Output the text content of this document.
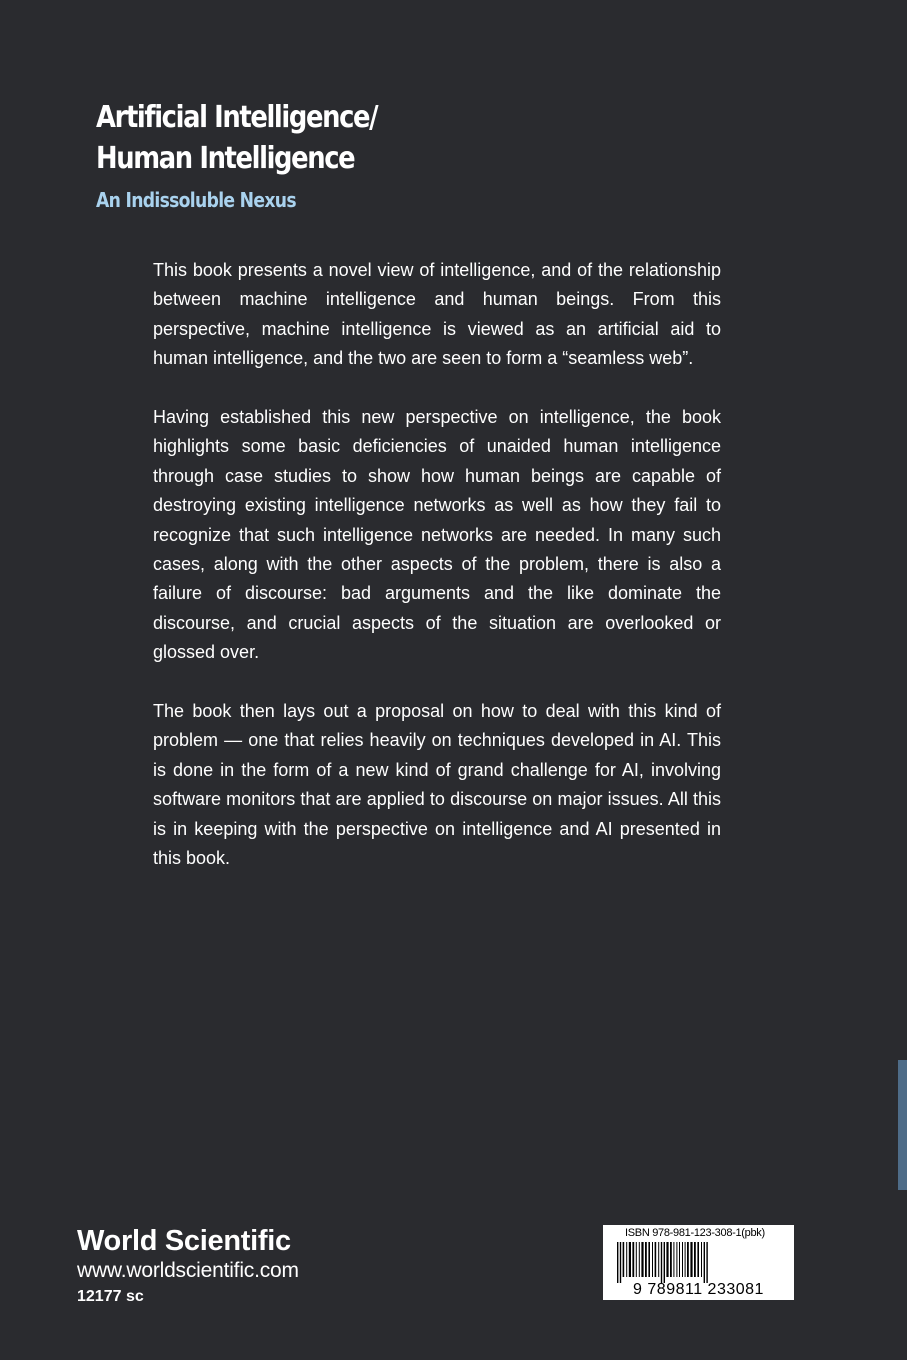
Artificial Intelligence/
Human Intelligence
An Indissoluble Nexus

This book presents a novel view of intelligence, and of the relationship between machine intelligence and human beings. From this perspective, machine intelligence is viewed as an artificial aid to human intelligence, and the two are seen to form a “seamless web”.

Having established this new perspective on intelligence, the book highlights some basic deficiencies of unaided human intelligence through case studies to show how human beings are capable of destroying existing intelligence networks as well as how they fail to recognize that such intelligence networks are needed. In many such cases, along with the other aspects of the problem, there is also a failure of discourse: bad arguments and the like dominate the discourse, and crucial aspects of the situation are overlooked or glossed over.

The book then lays out a proposal on how to deal with this kind of problem — one that relies heavily on techniques developed in AI. This is done in the form of a new kind of grand challenge for AI, involving software monitors that are applied to discourse on major issues. All this is in keeping with the perspective on intelligence and AI presented in this book.

World Scientific
www.worldscientific.com
12177 sc
ISBN 978-981-123-308-1(pbk)
9 789811 233081
